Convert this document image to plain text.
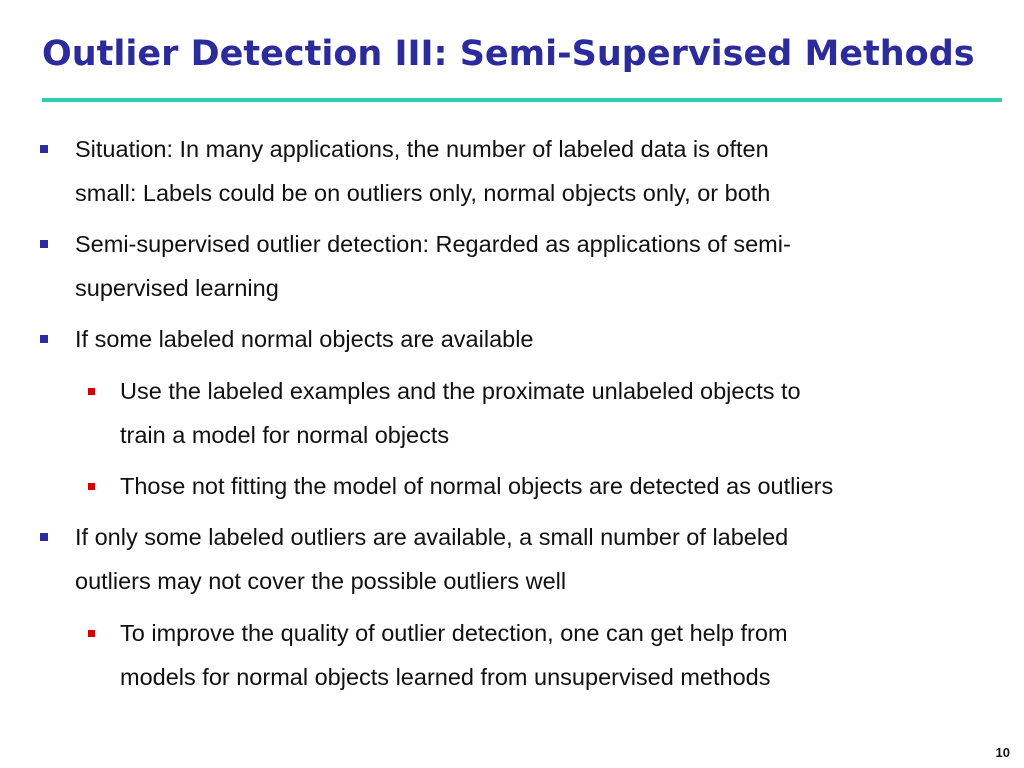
Outlier Detection III: Semi-Supervised Methods
Situation: In many applications, the number of labeled data is often
small: Labels could be on outliers only, normal objects only, or both
Semi-supervised outlier detection: Regarded as applications of semi-
supervised learning
If some labeled normal objects are available
Use the labeled examples and the proximate unlabeled objects to
train a model for normal objects
Those not fitting the model of normal objects are detected as outliers
If only some labeled outliers are available, a small number of labeled
outliers may not cover the possible outliers well
To improve the quality of outlier detection, one can get help from
models for normal objects learned from unsupervised methods
10
